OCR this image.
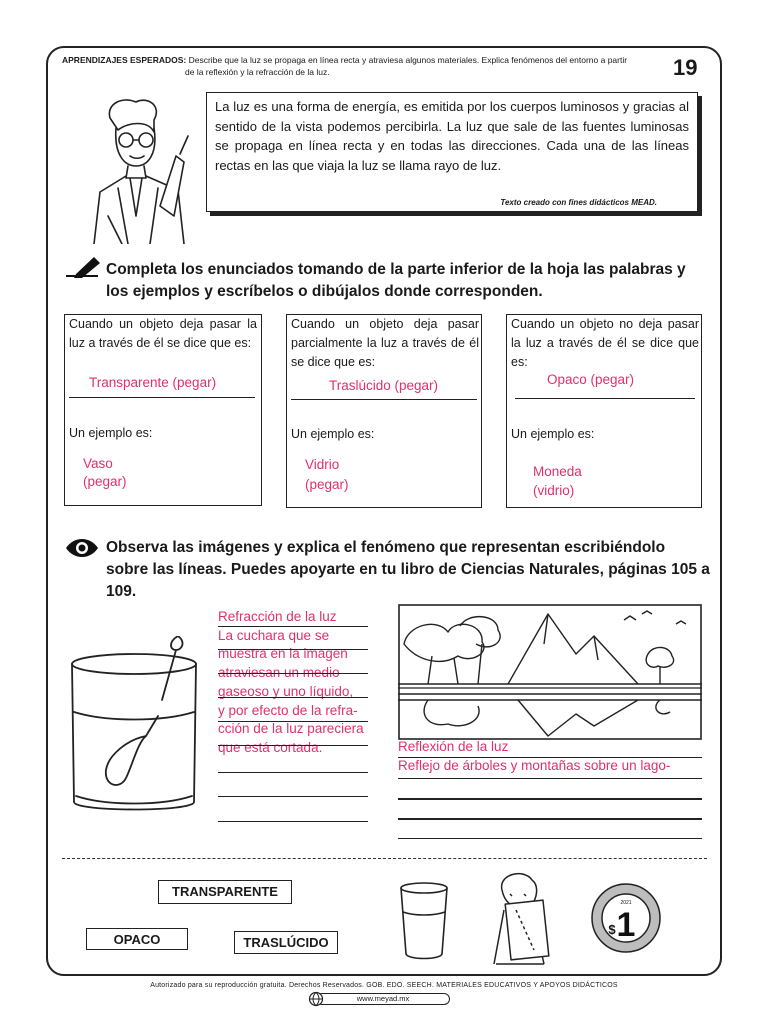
APRENDIZAJES ESPERADOS: Describe que la luz se propaga en línea recta y atraviesa algunos materiales. Explica fenómenos del entorno a partir
de la reflexión y la refracción de la luz.	19
La luz es una forma de energía, es emitida por los cuerpos luminosos y gracias al sentido de la vista podemos percibirla. La luz que sale de las fuentes luminosas se propaga en línea recta y en todas las direcciones. Cada una de las líneas rectas en las que viaja la luz se llama rayo de luz.
Texto creado con fines didácticos MEAD.
Completa los enunciados tomando de la parte inferior de la hoja las palabras y los ejemplos y escríbelos o dibújalos donde corresponden.
Cuando un objeto deja pasar la luz a través de él se dice que es:
Transparente (pegar)
Un ejemplo es:
Vaso
(pegar)
Cuando un objeto deja pasar parcialmente la luz a través de él se dice que es:
Traslúcido (pegar)
Un ejemplo es:
Vidrio
(pegar)
Cuando un objeto no deja pasar la luz a través de él se dice que es:
Opaco (pegar)
Un ejemplo es:
Moneda
(vidrio)
Observa las imágenes y explica el fenómeno que representan escribiéndolo sobre las líneas. Puedes apoyarte en tu libro de Ciencias Naturales, páginas 105 a 109.
Refracción de la luz
La cuchara que se
muestra en la imagen
atraviesan un medio
gaseoso y uno líquido,
y por efecto de la refra-
cción de la luz pareciera
que está cortada.	Reflexión de la luz
Reflejo de árboles y montañas sobre un lago-
TRANSPARENTE
OPACO	TRASLÚCIDO	1
$
2021
Autorizado para su reproducción gratuita. Derechos Reservados. GOB. EDO. SEECH. MATERIALES EDUCATIVOS Y APOYOS DIDÁCTICOS
www.meyad.mx
